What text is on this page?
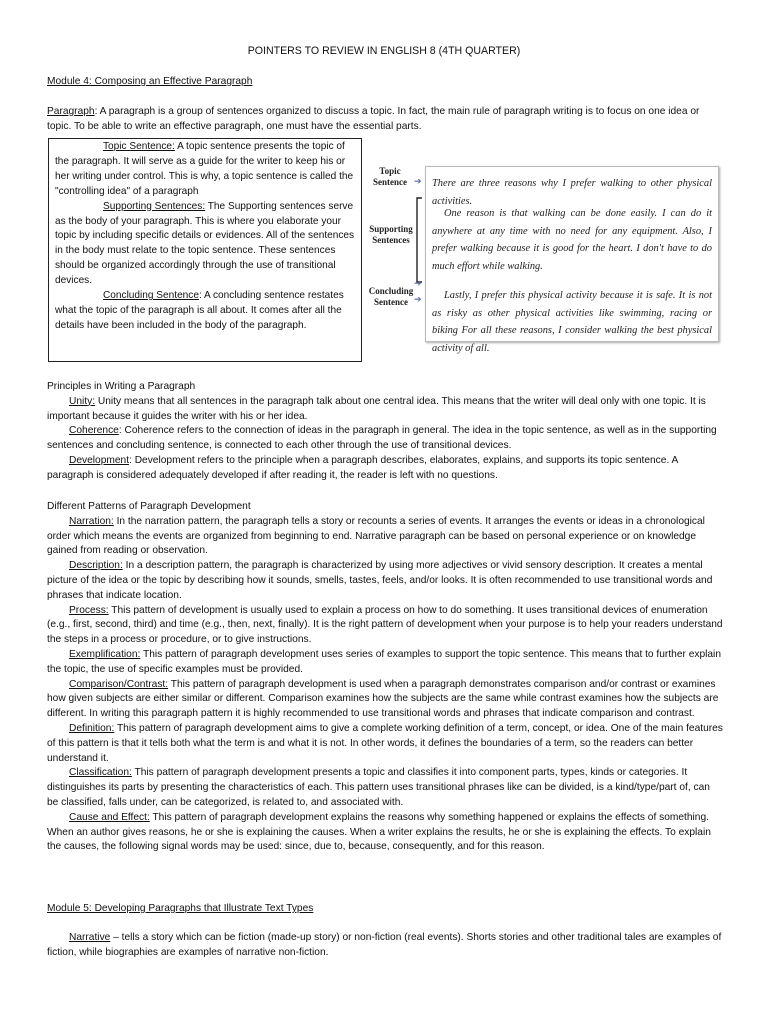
POINTERS TO REVIEW IN ENGLISH 8 (4TH QUARTER)
Module 4: Composing an Effective Paragraph

Paragraph: A paragraph is a group of sentences organized to discuss a topic. In fact, the main rule of paragraph writing is to focus on one idea or topic. To be able to write an effective paragraph, one must have the essential parts.

Topic Sentence: A topic sentence presents the topic of the paragraph. It will serve as a guide for the writer to keep his or her writing under control. This is why, a topic sentence is called the "controlling idea" of a paragraph

Supporting Sentences: The Supporting sentences serve as the body of your paragraph. This is where you elaborate your topic by including specific details or evidences. All of the sentences in the body must relate to the topic sentence. These sentences should be organized accordingly through the use of transitional devices.

Concluding Sentence: A concluding sentence restates what the topic of the paragraph is all about. It comes after all the details have been included in the body of the paragraph.

Topic Sentence ➔
Supporting Sentences
➔
Concluding Sentence ➔

There are three reasons why I prefer walking to other physical activities.

One reason is that walking can be done easily. I can do it anywhere at any time with no need for any equipment. Also, I prefer walking because it is good for the heart. I don't have to do much effort while walking.

Lastly, I prefer this physical activity because it is safe. It is not as risky as other physical activities like swimming, racing or biking For all these reasons, I consider walking the best physical activity of all.

Principles in Writing a Paragraph

Unity: Unity means that all sentences in the paragraph talk about one central idea. This means that the writer will deal only with one topic. It is important because it guides the writer with his or her idea.

Coherence: Coherence refers to the connection of ideas in the paragraph in general. The idea in the topic sentence, as well as in the supporting sentences and concluding sentence, is connected to each other through the use of transitional devices.

Development: Development refers to the principle when a paragraph describes, elaborates, explains, and supports its topic sentence. A paragraph is considered adequately developed if after reading it, the reader is left with no questions.

Different Patterns of Paragraph Development

Narration: In the narration pattern, the paragraph tells a story or recounts a series of events. It arranges the events or ideas in a chronological order which means the events are organized from beginning to end. Narrative paragraph can be based on personal experience or on knowledge gained from reading or observation.

Description: In a description pattern, the paragraph is characterized by using more adjectives or vivid sensory description. It creates a mental picture of the idea or the topic by describing how it sounds, smells, tastes, feels, and/or looks. It is often recommended to use transitional words and phrases that indicate location.

Process: This pattern of development is usually used to explain a process on how to do something. It uses transitional devices of enumeration (e.g., first, second, third) and time (e.g., then, next, finally). It is the right pattern of development when your purpose is to help your readers understand the steps in a process or procedure, or to give instructions.

Exemplification: This pattern of paragraph development uses series of examples to support the topic sentence. This means that to further explain the topic, the use of specific examples must be provided.

Comparison/Contrast: This pattern of paragraph development is used when a paragraph demonstrates comparison and/or contrast or examines how given subjects are either similar or different. Comparison examines how the subjects are the same while contrast examines how the subjects are different. In writing this paragraph pattern it is highly recommended to use transitional words and phrases that indicate comparison and contrast.

Definition: This pattern of paragraph development aims to give a complete working definition of a term, concept, or idea. One of the main features of this pattern is that it tells both what the term is and what it is not. In other words, it defines the boundaries of a term, so the readers can better understand it.

Classification: This pattern of paragraph development presents a topic and classifies it into component parts, types, kinds or categories. It distinguishes its parts by presenting the characteristics of each. This pattern uses transitional phrases like can be divided, is a kind/type/part of, can be classified, falls under, can be categorized, is related to, and associated with.

Cause and Effect: This pattern of paragraph development explains the reasons why something happened or explains the effects of something. When an author gives reasons, he or she is explaining the causes. When a writer explains the results, he or she is explaining the effects. To explain the causes, the following signal words may be used: since, due to, because, consequently, and for this reason.

Module 5: Developing Paragraphs that Illustrate Text Types

Narrative – tells a story which can be fiction (made-up story) or non-fiction (real events). Shorts stories and other traditional tales are examples of fiction, while biographies are examples of narrative non-fiction.
